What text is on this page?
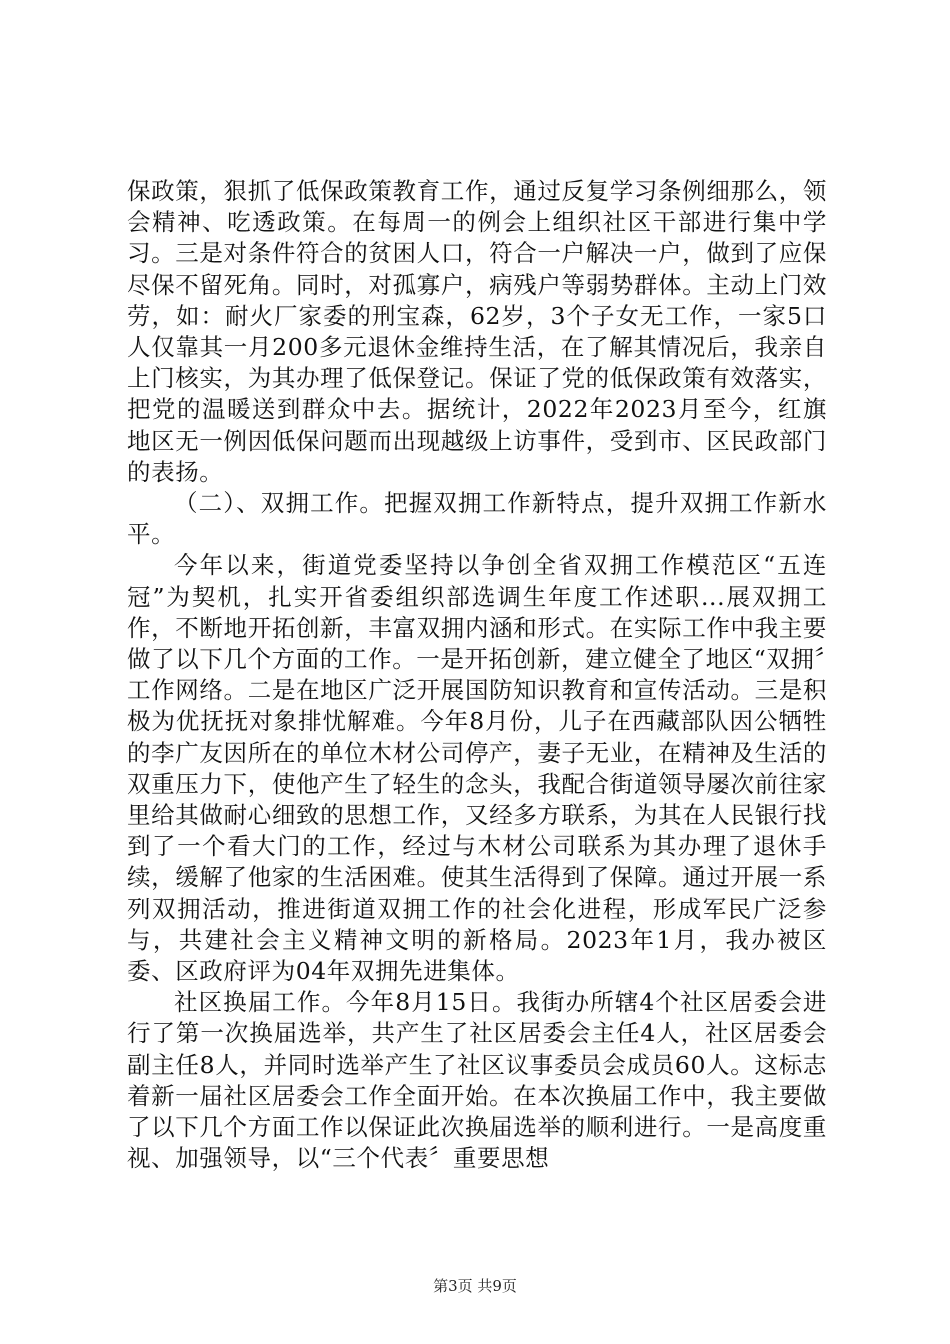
保政策，狠抓了低保政策教育工作，通过反复学习条例细那么，领会精神、吃透政策。在每周一的例会上组织社区干部进行集中学习。三是对条件符合的贫困人口，符合一户解决一户，做到了应保尽保不留死角。同时，对孤寡户，病残户等弱势群体。主动上门效劳，如：耐火厂家委的刑宝森，62岁，3个子女无工作，一家5口人仅靠其一月200多元退休金维持生活，在了解其情况后，我亲自上门核实，为其办理了低保登记。保证了党的低保政策有效落实，把党的温暖送到群众中去。据统计，2022年2023月至今，红旗地区无一例因低保问题而出现越级上访事件，受到市、区民政部门的表扬。

（二）、双拥工作。把握双拥工作新特点，提升双拥工作新水平。

今年以来，街道党委坚持以争创全省双拥工作模范区“五连冠”为契机，扎实开省委组织部选调生年度工作述职...展双拥工作，不断地开拓创新，丰富双拥内涵和形式。在实际工作中我主要做了以下几个方面的工作。一是开拓创新，建立健全了地区“双拥〞工作网络。二是在地区广泛开展国防知识教育和宣传活动。三是积极为优抚抚对象排忧解难。今年8月份，儿子在西藏部队因公牺牲的李广友因所在的单位木材公司停产，妻子无业，在精神及生活的双重压力下，使他产生了轻生的念头，我配合街道领导屡次前往家里给其做耐心细致的思想工作，又经多方联系，为其在人民银行找到了一个看大门的工作，经过与木材公司联系为其办理了退休手续，缓解了他家的生活困难。使其生活得到了保障。通过开展一系列双拥活动，推进街道双拥工作的社会化进程，形成军民广泛参与，共建社会主义精神文明的新格局。2023年1月，我办被区委、区政府评为04年双拥先进集体。

社区换届工作。今年8月15日。我街办所辖4个社区居委会进行了第一次换届选举，共产生了社区居委会主任4人，社区居委会副主任8人，并同时选举产生了社区议事委员会成员60人。这标志着新一届社区居委会工作全面开始。在本次换届工作中，我主要做了以下几个方面工作以保证此次换届选举的顺利进行。一是高度重视、加强领导，以“三个代表〞重要思想

第3页 共9页
